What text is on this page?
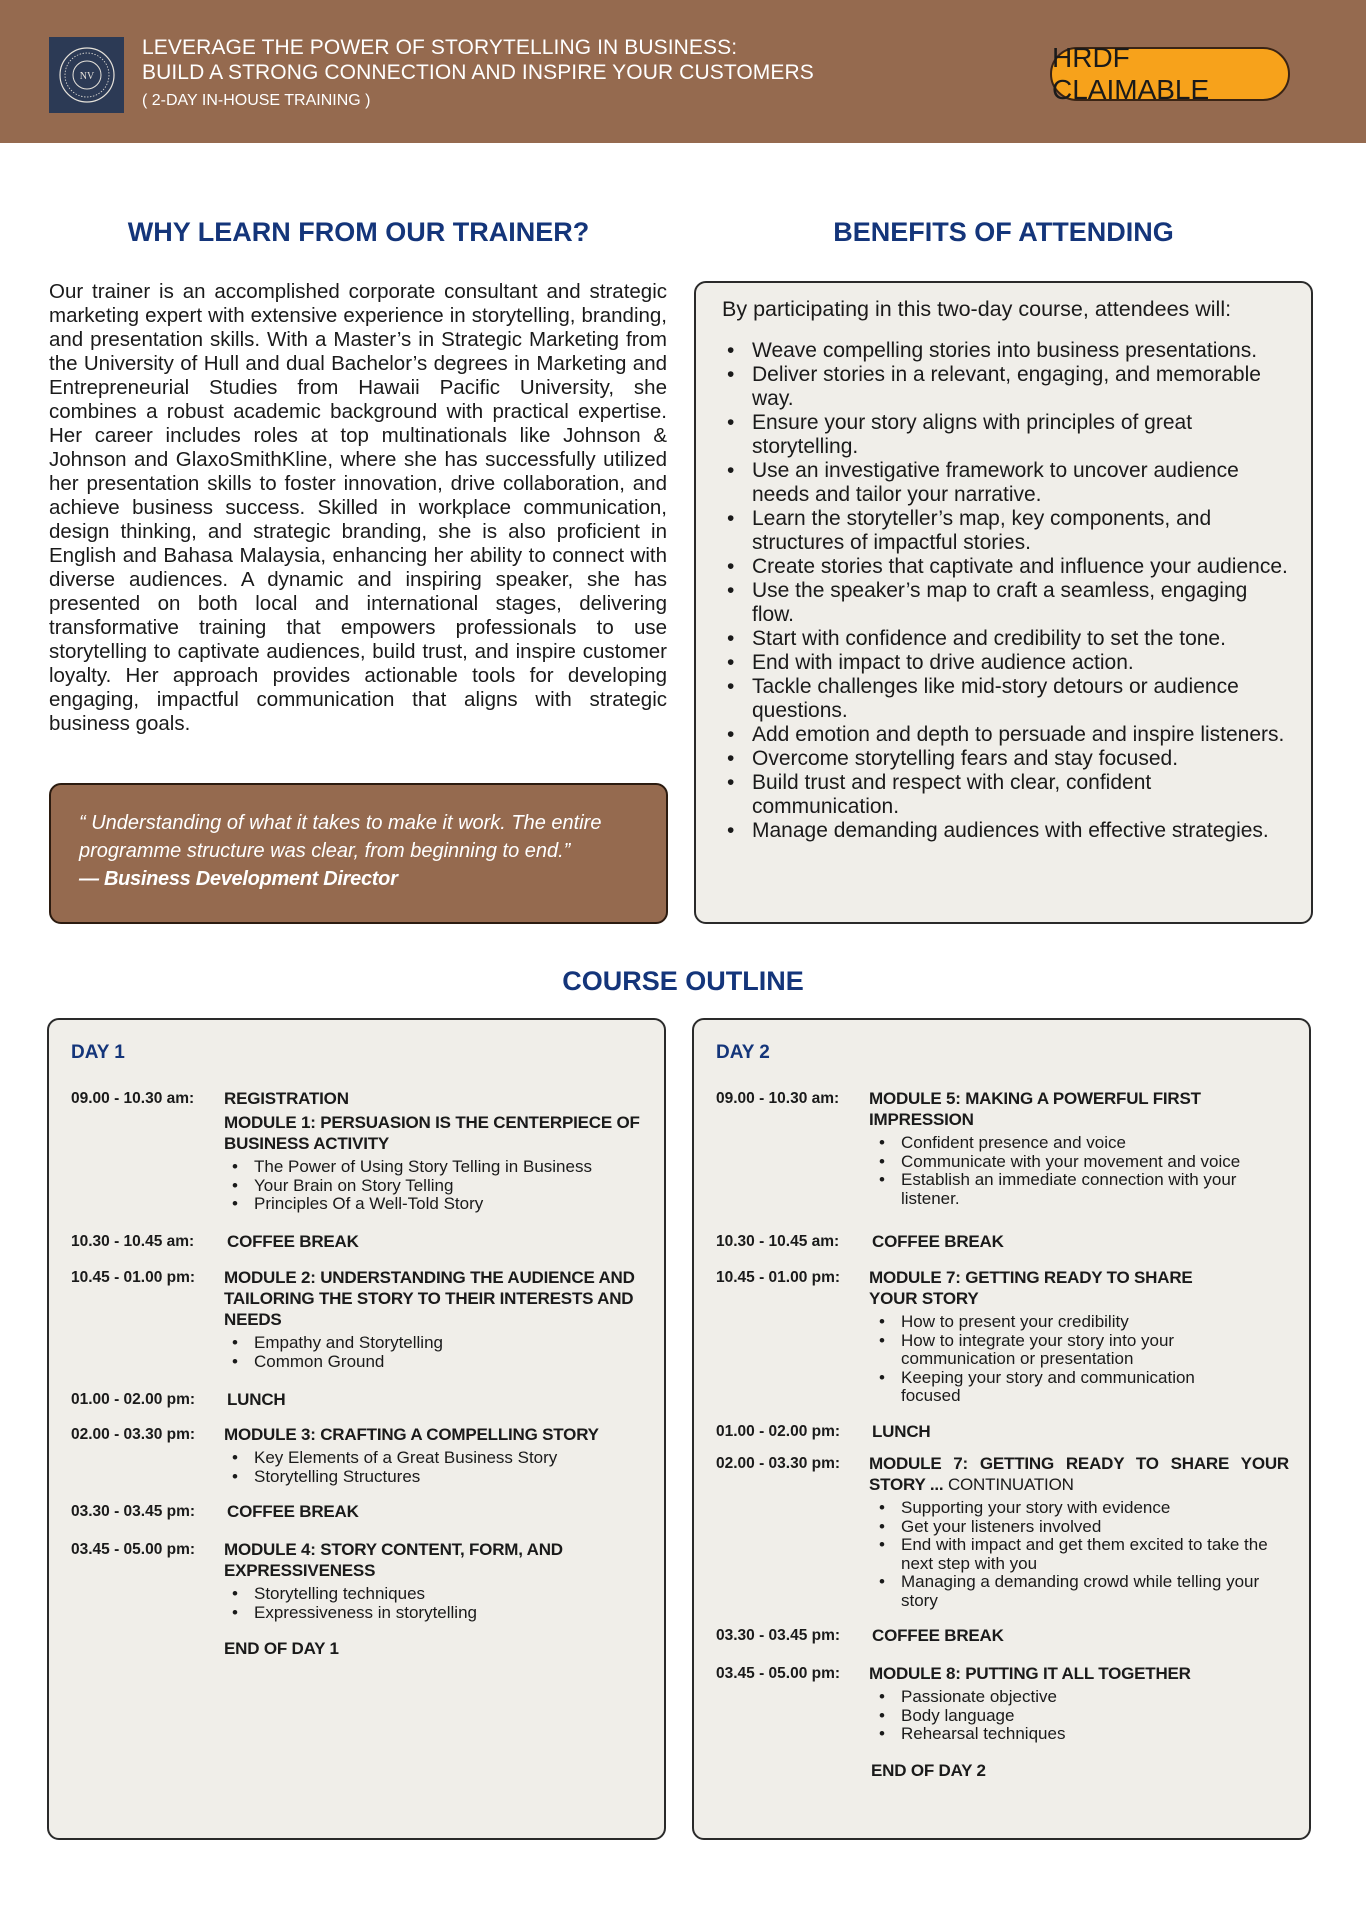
NV
LEVERAGE THE POWER OF STORYTELLING IN BUSINESS:
BUILD A STRONG CONNECTION AND INSPIRE YOUR CUSTOMERS
( 2-DAY IN-HOUSE TRAINING )
HRDF CLAIMABLE
WHY LEARN FROM OUR TRAINER?
Our trainer is an accomplished corporate consultant and strategic marketing expert with extensive experience in storytelling, branding, and presentation skills. With a Master’s in Strategic Marketing from the University of Hull and dual Bachelor’s degrees in Marketing and Entrepreneurial Studies from Hawaii Pacific University, she combines a robust academic background with practical expertise. Her career includes roles at top multinationals like Johnson & Johnson and GlaxoSmithKline, where she has successfully utilized her presentation skills to foster innovation, drive collaboration, and achieve business success. Skilled in workplace communication, design thinking, and strategic branding, she is also proficient in English and Bahasa Malaysia, enhancing her ability to connect with diverse audiences. A dynamic and inspiring speaker, she has presented on both local and international stages, delivering transformative training that empowers professionals to use storytelling to captivate audiences, build trust, and inspire customer loyalty. Her approach provides actionable tools for developing engaging, impactful communication that aligns with strategic business goals.
“ Understanding of what it takes to make it work. The entire programme structure was clear, from beginning to end.”
— Business Development Director
BENEFITS OF ATTENDING
By participating in this two-day course, attendees will:
• Weave compelling stories into business presentations.
• Deliver stories in a relevant, engaging, and memorable way.
• Ensure your story aligns with principles of great storytelling.
• Use an investigative framework to uncover audience needs and tailor your narrative.
• Learn the storyteller’s map, key components, and structures of impactful stories.
• Create stories that captivate and influence your audience.
• Use the speaker’s map to craft a seamless, engaging flow.
• Start with confidence and credibility to set the tone.
• End with impact to drive audience action.
• Tackle challenges like mid-story detours or audience questions.
• Add emotion and depth to persuade and inspire listeners.
• Overcome storytelling fears and stay focused.
• Build trust and respect with clear, confident communication.
• Manage demanding audiences with effective strategies.
COURSE OUTLINE
DAY 1
09.00 - 10.30 am: REGISTRATION
MODULE 1: PERSUASION IS THE CENTERPIECE OF BUSINESS ACTIVITY
• The Power of Using Story Telling in Business
• Your Brain on Story Telling
• Principles Of a Well-Told Story
10.30 - 10.45 am: COFFEE BREAK
10.45 - 01.00 pm: MODULE 2: UNDERSTANDING THE AUDIENCE AND TAILORING THE STORY TO THEIR INTERESTS AND NEEDS
• Empathy and Storytelling
• Common Ground
01.00 - 02.00 pm: LUNCH
02.00 - 03.30 pm: MODULE 3: CRAFTING A COMPELLING STORY
• Key Elements of a Great Business Story
• Storytelling Structures
03.30 - 03.45 pm: COFFEE BREAK
03.45 - 05.00 pm: MODULE 4: STORY CONTENT, FORM, AND EXPRESSIVENESS
• Storytelling techniques
• Expressiveness in storytelling
END OF DAY 1
DAY 2
09.00 - 10.30 am: MODULE 5: MAKING A POWERFUL FIRST IMPRESSION
• Confident presence and voice
• Communicate with your movement and voice
• Establish an immediate connection with your listener.
10.30 - 10.45 am: COFFEE BREAK
10.45 - 01.00 pm: MODULE 7: GETTING READY TO SHARE YOUR STORY
• How to present your credibility
• How to integrate your story into your communication or presentation
• Keeping your story and communication focused
01.00 - 02.00 pm: LUNCH
02.00 - 03.30 pm: MODULE 7: GETTING READY TO SHARE YOUR STORY ... CONTINUATION
• Supporting your story with evidence
• Get your listeners involved
• End with impact and get them excited to take the next step with you
• Managing a demanding crowd while telling your story
03.30 - 03.45 pm: COFFEE BREAK
03.45 - 05.00 pm: MODULE 8: PUTTING IT ALL TOGETHER
• Passionate objective
• Body language
• Rehearsal techniques
END OF DAY 2
